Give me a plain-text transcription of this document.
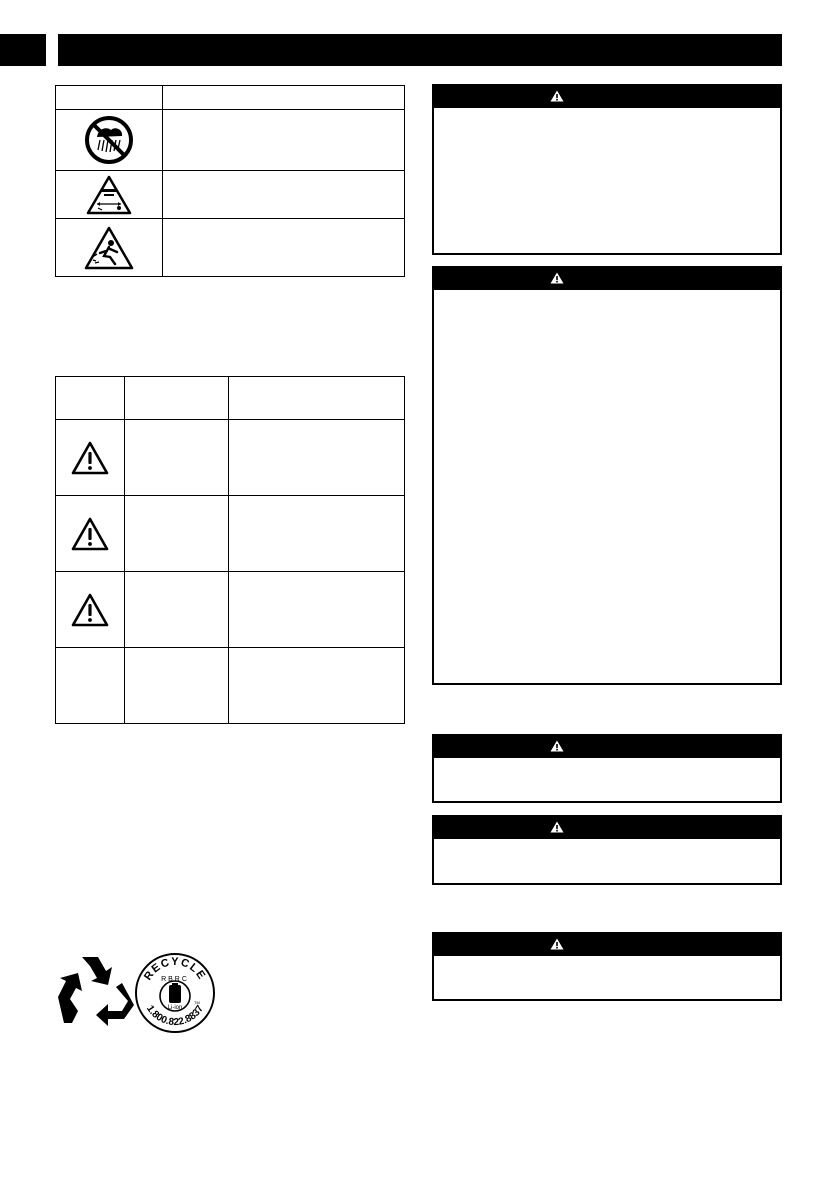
RECYCLE
RBRC
Li-ion
TM
1.800.822.8837
